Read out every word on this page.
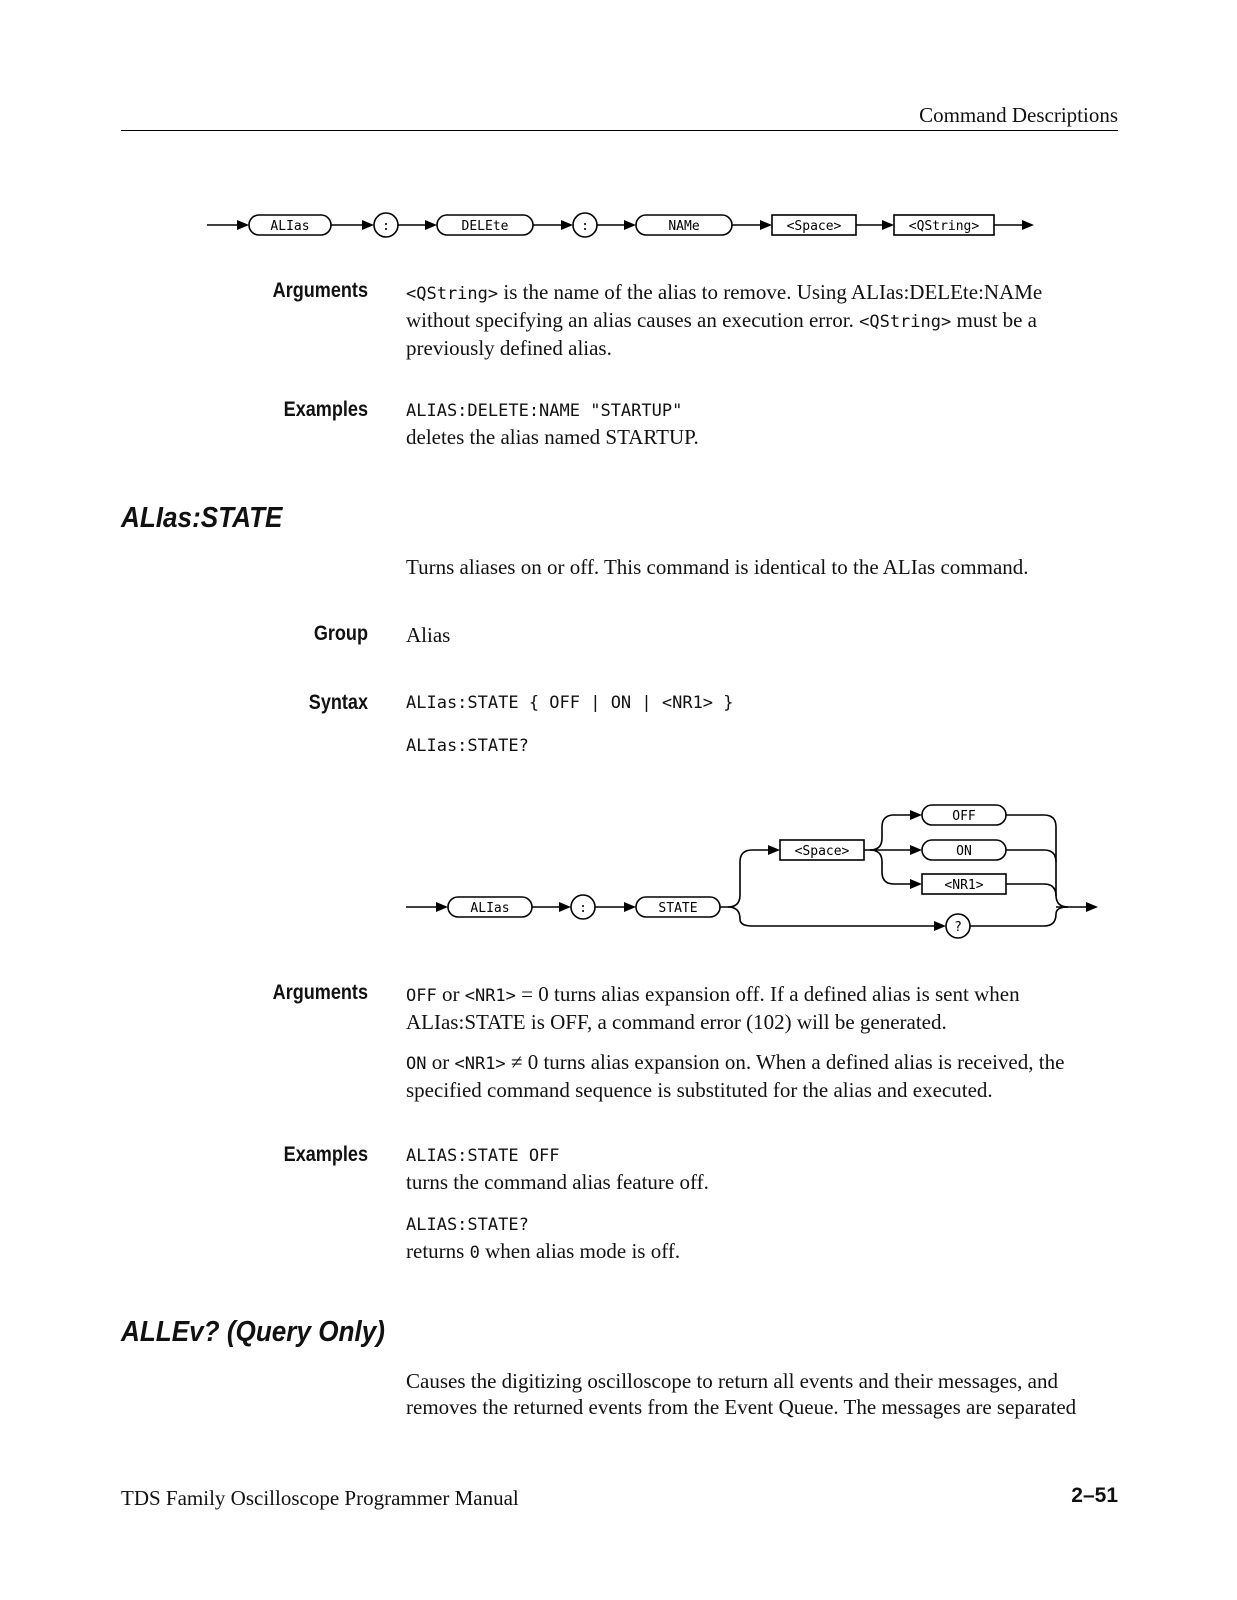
Command Descriptions
ALIas	:	DELEte	:	NAMe	<Space>	<QString>
Arguments <QString> is the name of the alias to remove. Using ALIas:DELEte:NAMe
without specifying an alias causes an execution error. <QString> must be a
previously defined alias.
Examples ALIAS:DELETE:NAME "STARTUP"
deletes the alias named STARTUP.
ALIas:STATE
Turns aliases on or off. This command is identical to the ALIas command.
Group Alias
Syntax ALIas:STATE { OFF | ON | <NR1> }
ALIas:STATE?
ALIas	:	STATE
<Space>
OFF
ON
<NR1>
?
Arguments OFF or <NR1> = 0 turns alias expansion off. If a defined alias is sent when
ALIas:STATE is OFF, a command error (102) will be generated.
ON or <NR1> ≠ 0 turns alias expansion on. When a defined alias is received, the
specified command sequence is substituted for the alias and executed.
Examples ALIAS:STATE OFF
turns the command alias feature off.
ALIAS:STATE?
returns 0 when alias mode is off.
ALLEv? (Query Only)
Causes the digitizing oscilloscope to return all events and their messages, and
removes the returned events from the Event Queue. The messages are separated
TDS Family Oscilloscope Programmer Manual	2–51
